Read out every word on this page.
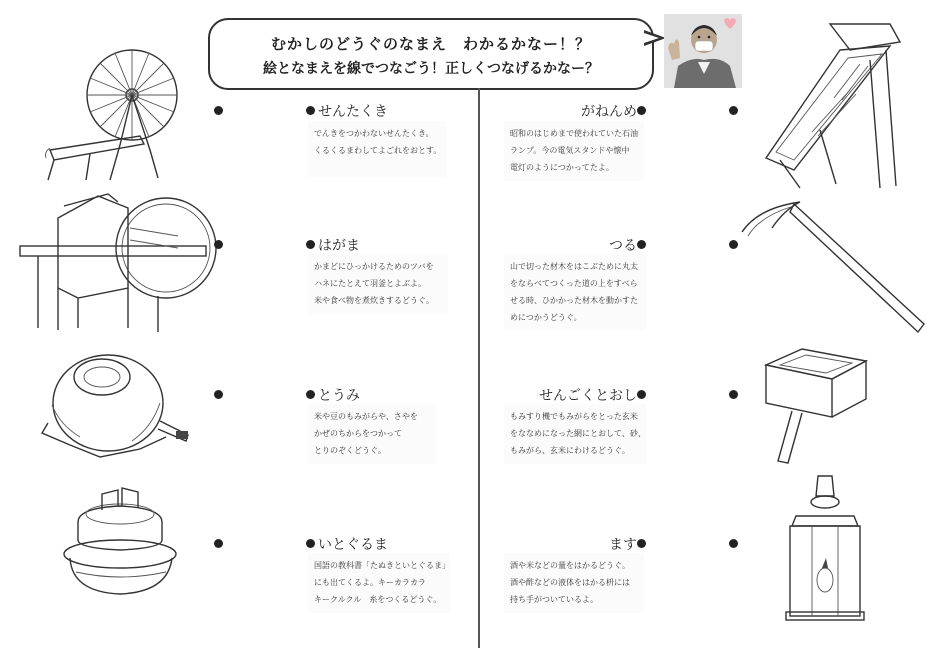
むかしのどうぐのなまえ　わかるかなー！？
絵となまえを線でつなごう！正しくつなげるかなー？
せんたくき
でんきをつかわないせんたくき。
くるくるまわしてよごれをおとす。
はがま
かまどにひっかけるためのツバを
ハネにたとえて羽釜とよぶよ。
米や食べ物を煮炊きするどうぐ。
とうみ
米や豆のもみがらや、さやを
かぜのちからをつかって
とりのぞくどうぐ。
いとぐるま
国語の教科書「たぬきといとぐるま」
にも出てくるよ。キーカラカラ
キークルクル　糸をつくるどうぐ。
がねんめ
昭和のはじめまで使われていた石油
ランプ。今の電気スタンドや懐中
電灯のようにつかってたよ。
つる
山で切った材木をはこぶために丸太
をならべてつくった道の上をすべら
せる時、ひかかった材木を動かすた
めにつかうどうぐ。
せんごくとおし
もみすり機でもみがらをとった玄米
をななめになった網にとおして、砂、
もみがら、玄米にわけるどうぐ。
ます
酒や米などの量をはかるどうぐ。
酒や酢などの液体をはかる枡には
持ち手がついているよ。
